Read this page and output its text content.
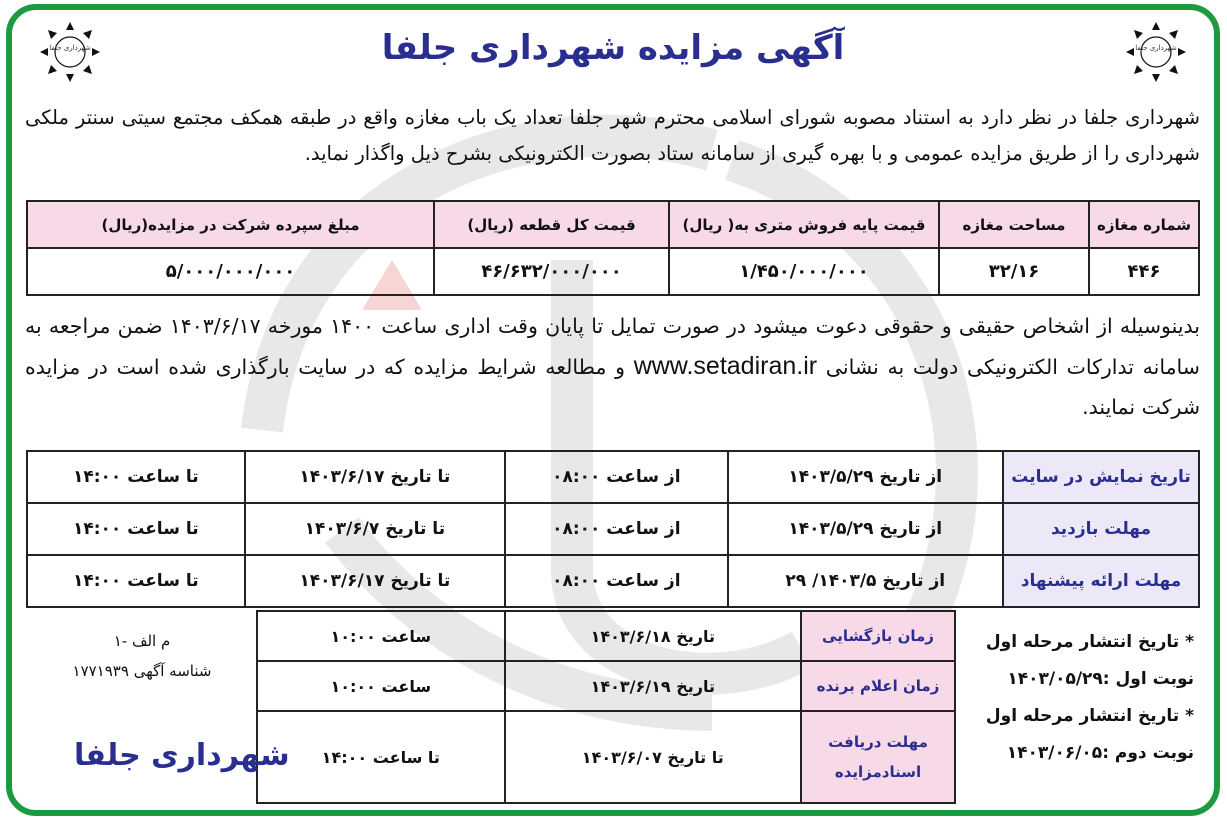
شهرداری جلفا	شهرداری جلفا
آگهی مزایده شهرداری جلفا

شهرداری جلفا در نظر دارد به استناد مصوبه شورای اسلامی محترم شهر جلفا تعداد یک باب مغازه واقع در طبقه همکف مجتمع سیتی سنتر ملکی شهرداری را از طریق مزایده عمومی و با بهره گیری از سامانه ستاد بصورت الکترونیکی بشرح ذیل واگذار نماید.

شماره مغازه	مساحت مغازه	قیمت پایه فروش متری به( ریال)	قیمت کل قطعه (ریال)	مبلغ سپرده شرکت در مزایده(ریال)
۴۴۶	۳۲/۱۶	۱/۴۵۰/۰۰۰/۰۰۰	۴۶/۶۳۲/۰۰۰/۰۰۰	۵/۰۰۰/۰۰۰/۰۰۰

بدینوسیله از اشخاص حقیقی و حقوقی دعوت میشود در صورت تمایل تا پایان وقت اداری ساعت ۱۴۰۰ مورخه ۱۴۰۳/۶/۱۷ ضمن مراجعه به سامانه تدارکات الکترونیکی دولت به نشانی www.setadiran.ir و مطالعه شرایط مزایده که در سایت بارگذاری شده است در مزایده شرکت نمایند.

تاریخ نمایش در سایت	از تاریخ ۱۴۰۳/۵/۲۹	از ساعت ۰۸:۰۰	تا تاریخ ۱۴۰۳/۶/۱۷	تا ساعت ۱۴:۰۰
مهلت بازدید	از تاریخ ۱۴۰۳/۵/۲۹	از ساعت ۰۸:۰۰	تا تاریخ ۱۴۰۳/۶/۷	تا ساعت ۱۴:۰۰
مهلت ارائه پیشنهاد	از تاریخ ۱۴۰۳/۵/ ۲۹	از ساعت ۰۸:۰۰	تا تاریخ ۱۴۰۳/۶/۱۷	تا ساعت ۱۴:۰۰
* تاریخ انتشار مرحله اول
نوبت اول :۱۴۰۳/۰۵/۲۹
* تاریخ انتشار مرحله اول
نوبت دوم :۱۴۰۳/۰۶/۰۵
زمان بازگشایی	تاریخ ۱۴۰۳/۶/۱۸	ساعت ۱۰:۰۰
زمان اعلام برنده	تاریخ ۱۴۰۳/۶/۱۹	ساعت ۱۰:۰۰
مهلت دریافت اسنادمزایده	تا تاریخ ۱۴۰۳/۶/۰۷	تا ساعت ۱۴:۰۰
م الف -۱
شناسه آگهی ۱۷۷۱۹۳۹
شهرداری جلفا
